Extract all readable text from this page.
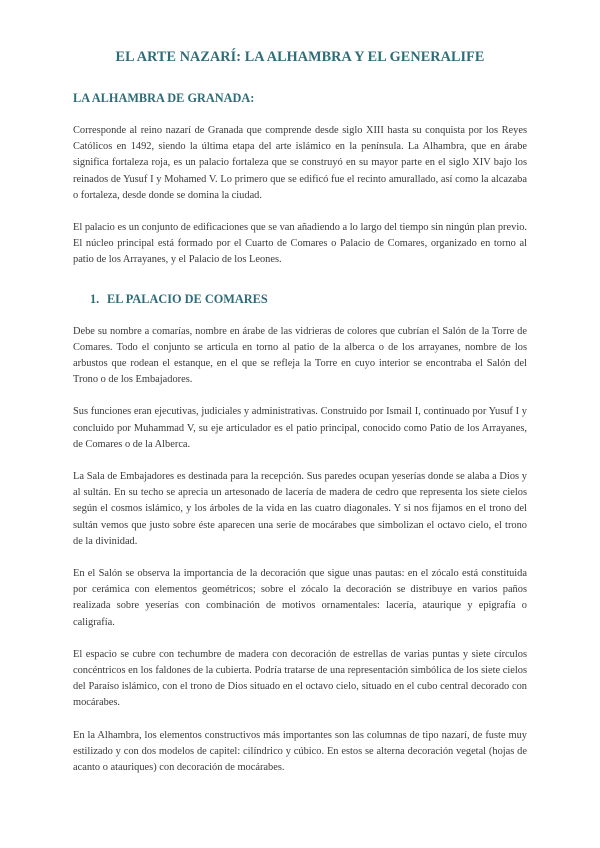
EL ARTE NAZARÍ: LA ALHAMBRA Y EL GENERALIFE
LA ALHAMBRA DE GRANADA:

Corresponde al reino nazarí de Granada que comprende desde siglo XIII hasta su conquista por los Reyes Católicos en 1492, siendo la última etapa del arte islámico en la península. La Alhambra, que en árabe significa fortaleza roja, es un palacio fortaleza que se construyó en su mayor parte en el siglo XIV bajo los reinados de Yusuf I y Mohamed V. Lo primero que se edificó fue el recinto amurallado, así como la alcazaba o fortaleza, desde donde se domina la ciudad.

El palacio es un conjunto de edificaciones que se van añadiendo a lo largo del tiempo sin ningún plan previo. El núcleo principal está formado por el Cuarto de Comares o Palacio de Comares, organizado en torno al patio de los Arrayanes, y el Palacio de los Leones.

1. EL PALACIO DE COMARES

Debe su nombre a comarías, nombre en árabe de las vidrieras de colores que cubrían el Salón de la Torre de Comares. Todo el conjunto se articula en torno al patio de la alberca o de los arrayanes, nombre de los arbustos que rodean el estanque, en el que se refleja la Torre en cuyo interior se encontraba el Salón del Trono o de los Embajadores.

Sus funciones eran ejecutivas, judiciales y administrativas. Construido por Ismail I, continuado por Yusuf I y concluido por Muhammad V, su eje articulador es el patio principal, conocido como Patio de los Arrayanes, de Comares o de la Alberca.

La Sala de Embajadores es destinada para la recepción. Sus paredes ocupan yeserías donde se alaba a Dios y al sultán. En su techo se aprecia un artesonado de lacería de madera de cedro que representa los siete cielos según el cosmos islámico, y los árboles de la vida en las cuatro diagonales. Y si nos fijamos en el trono del sultán vemos que justo sobre éste aparecen una serie de mocárabes que simbolizan el octavo cielo, el trono de la divinidad.

En el Salón se observa la importancia de la decoración que sigue unas pautas: en el zócalo está constituida por cerámica con elementos geométricos; sobre el zócalo la decoración se distribuye en varios paños realizada sobre yeserías con combinación de motivos ornamentales: lacería, ataurique y epigrafía o caligrafía.

El espacio se cubre con techumbre de madera con decoración de estrellas de varias puntas y siete círculos concéntricos en los faldones de la cubierta. Podría tratarse de una representación simbólica de los siete cielos del Paraíso islámico, con el trono de Dios situado en el octavo cielo, situado en el cubo central decorado con mocárabes.

En la Alhambra, los elementos constructivos más importantes son las columnas de tipo nazarí, de fuste muy estilizado y con dos modelos de capitel: cilíndrico y cúbico. En estos se alterna decoración vegetal (hojas de acanto o atauriques) con decoración de mocárabes.
